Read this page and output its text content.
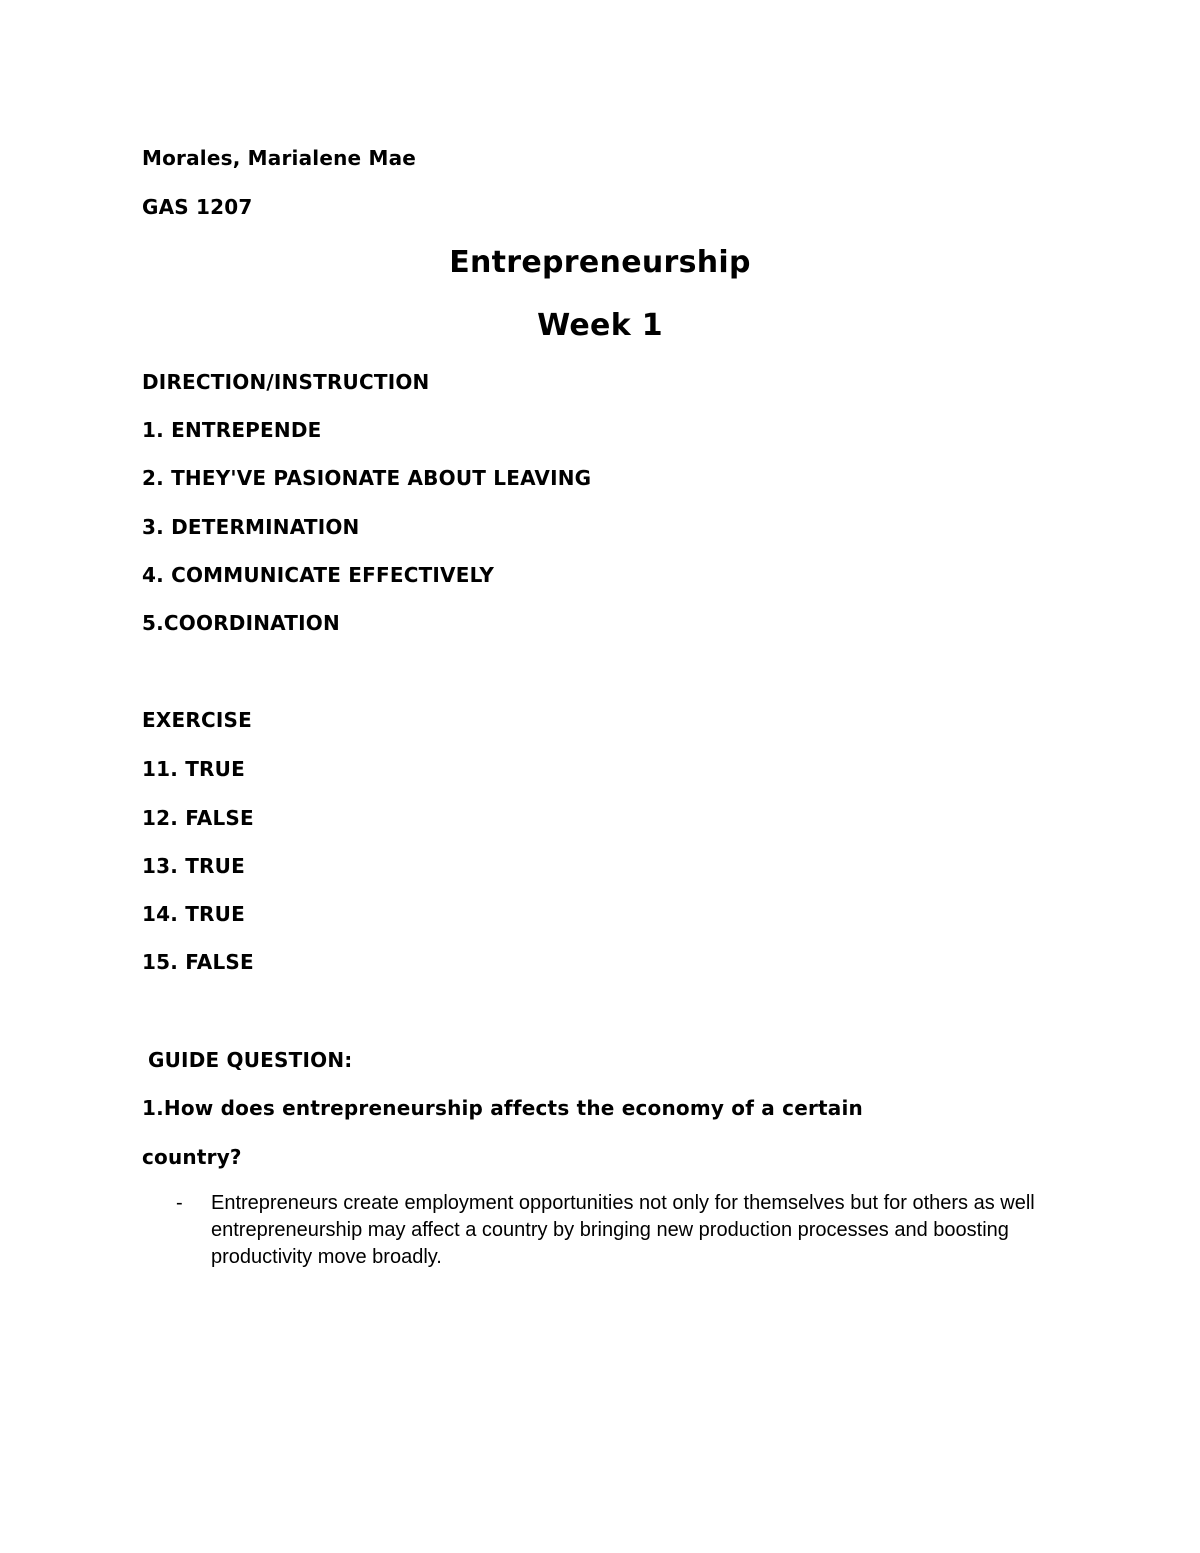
Morales, Marialene Mae
GAS 1207
Entrepreneurship
Week 1
DIRECTION/INSTRUCTION
1. ENTREPENDE
2. THEY'VE PASIONATE ABOUT LEAVING
3. DETERMINATION
4. COMMUNICATE EFFECTIVELY
5.COORDINATION
EXERCISE
11. TRUE
12. FALSE
13. TRUE
14. TRUE
15. FALSE
GUIDE QUESTION:
1.How does entrepreneurship affects the economy of a certain
country?
- Entrepreneurs create employment opportunities not only for themselves but for others as well entrepreneurship may affect a country by bringing new production processes and boosting productivity move broadly.
